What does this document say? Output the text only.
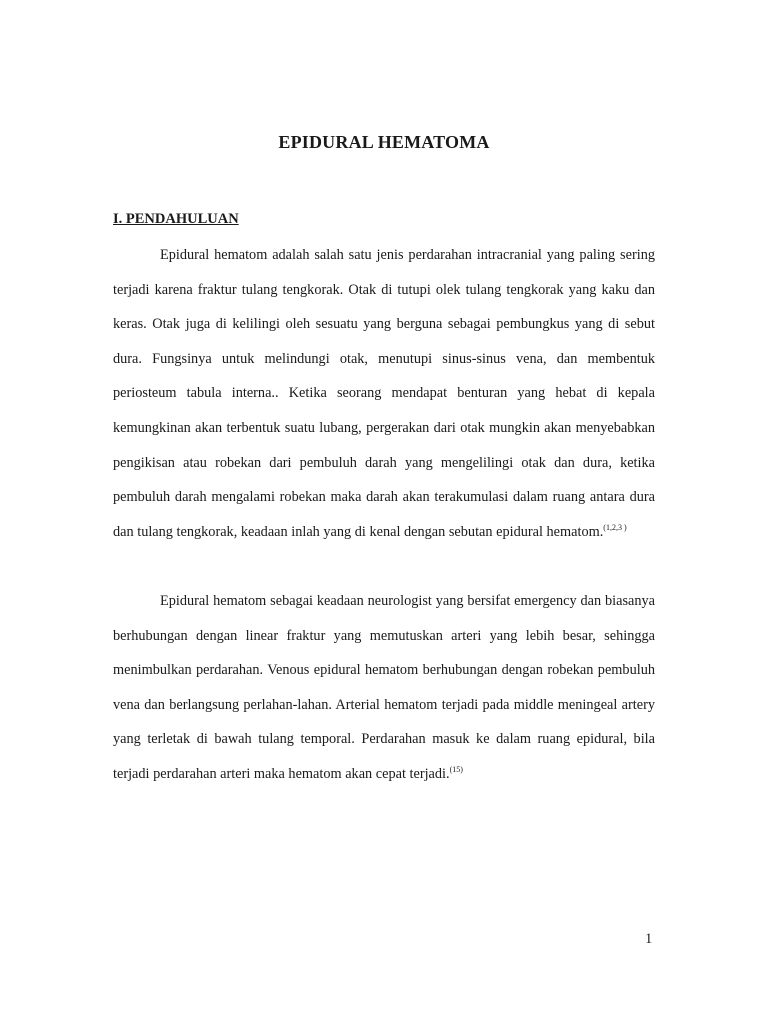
EPIDURAL HEMATOMA
I. PENDAHULUAN

Epidural hematom adalah salah satu jenis perdarahan intracranial yang paling sering terjadi karena fraktur tulang tengkorak. Otak di tutupi olek tulang tengkorak yang kaku dan keras. Otak juga di kelilingi oleh sesuatu yang berguna sebagai pembungkus yang di sebut dura. Fungsinya untuk melindungi otak, menutupi sinus-sinus vena, dan membentuk periosteum tabula interna.. Ketika seorang mendapat benturan yang hebat di kepala kemungkinan akan terbentuk suatu lubang, pergerakan dari otak mungkin akan menyebabkan pengikisan atau robekan dari pembuluh darah yang mengelilingi otak dan dura, ketika pembuluh darah mengalami robekan maka darah akan terakumulasi dalam ruang antara dura dan tulang tengkorak, keadaan inlah yang di kenal dengan sebutan epidural hematom.$^{(1,2,3 )}$

Epidural hematom sebagai keadaan neurologist yang bersifat emergency dan biasanya berhubungan dengan linear fraktur yang memutuskan arteri yang lebih besar, sehingga menimbulkan perdarahan. Venous epidural hematom berhubungan dengan robekan pembuluh vena dan berlangsung perlahan-lahan. Arterial hematom terjadi pada middle meningeal artery yang terletak di bawah tulang temporal. Perdarahan masuk ke dalam ruang epidural, bila terjadi perdarahan arteri maka hematom akan cepat terjadi.$^{(15)}$

1
